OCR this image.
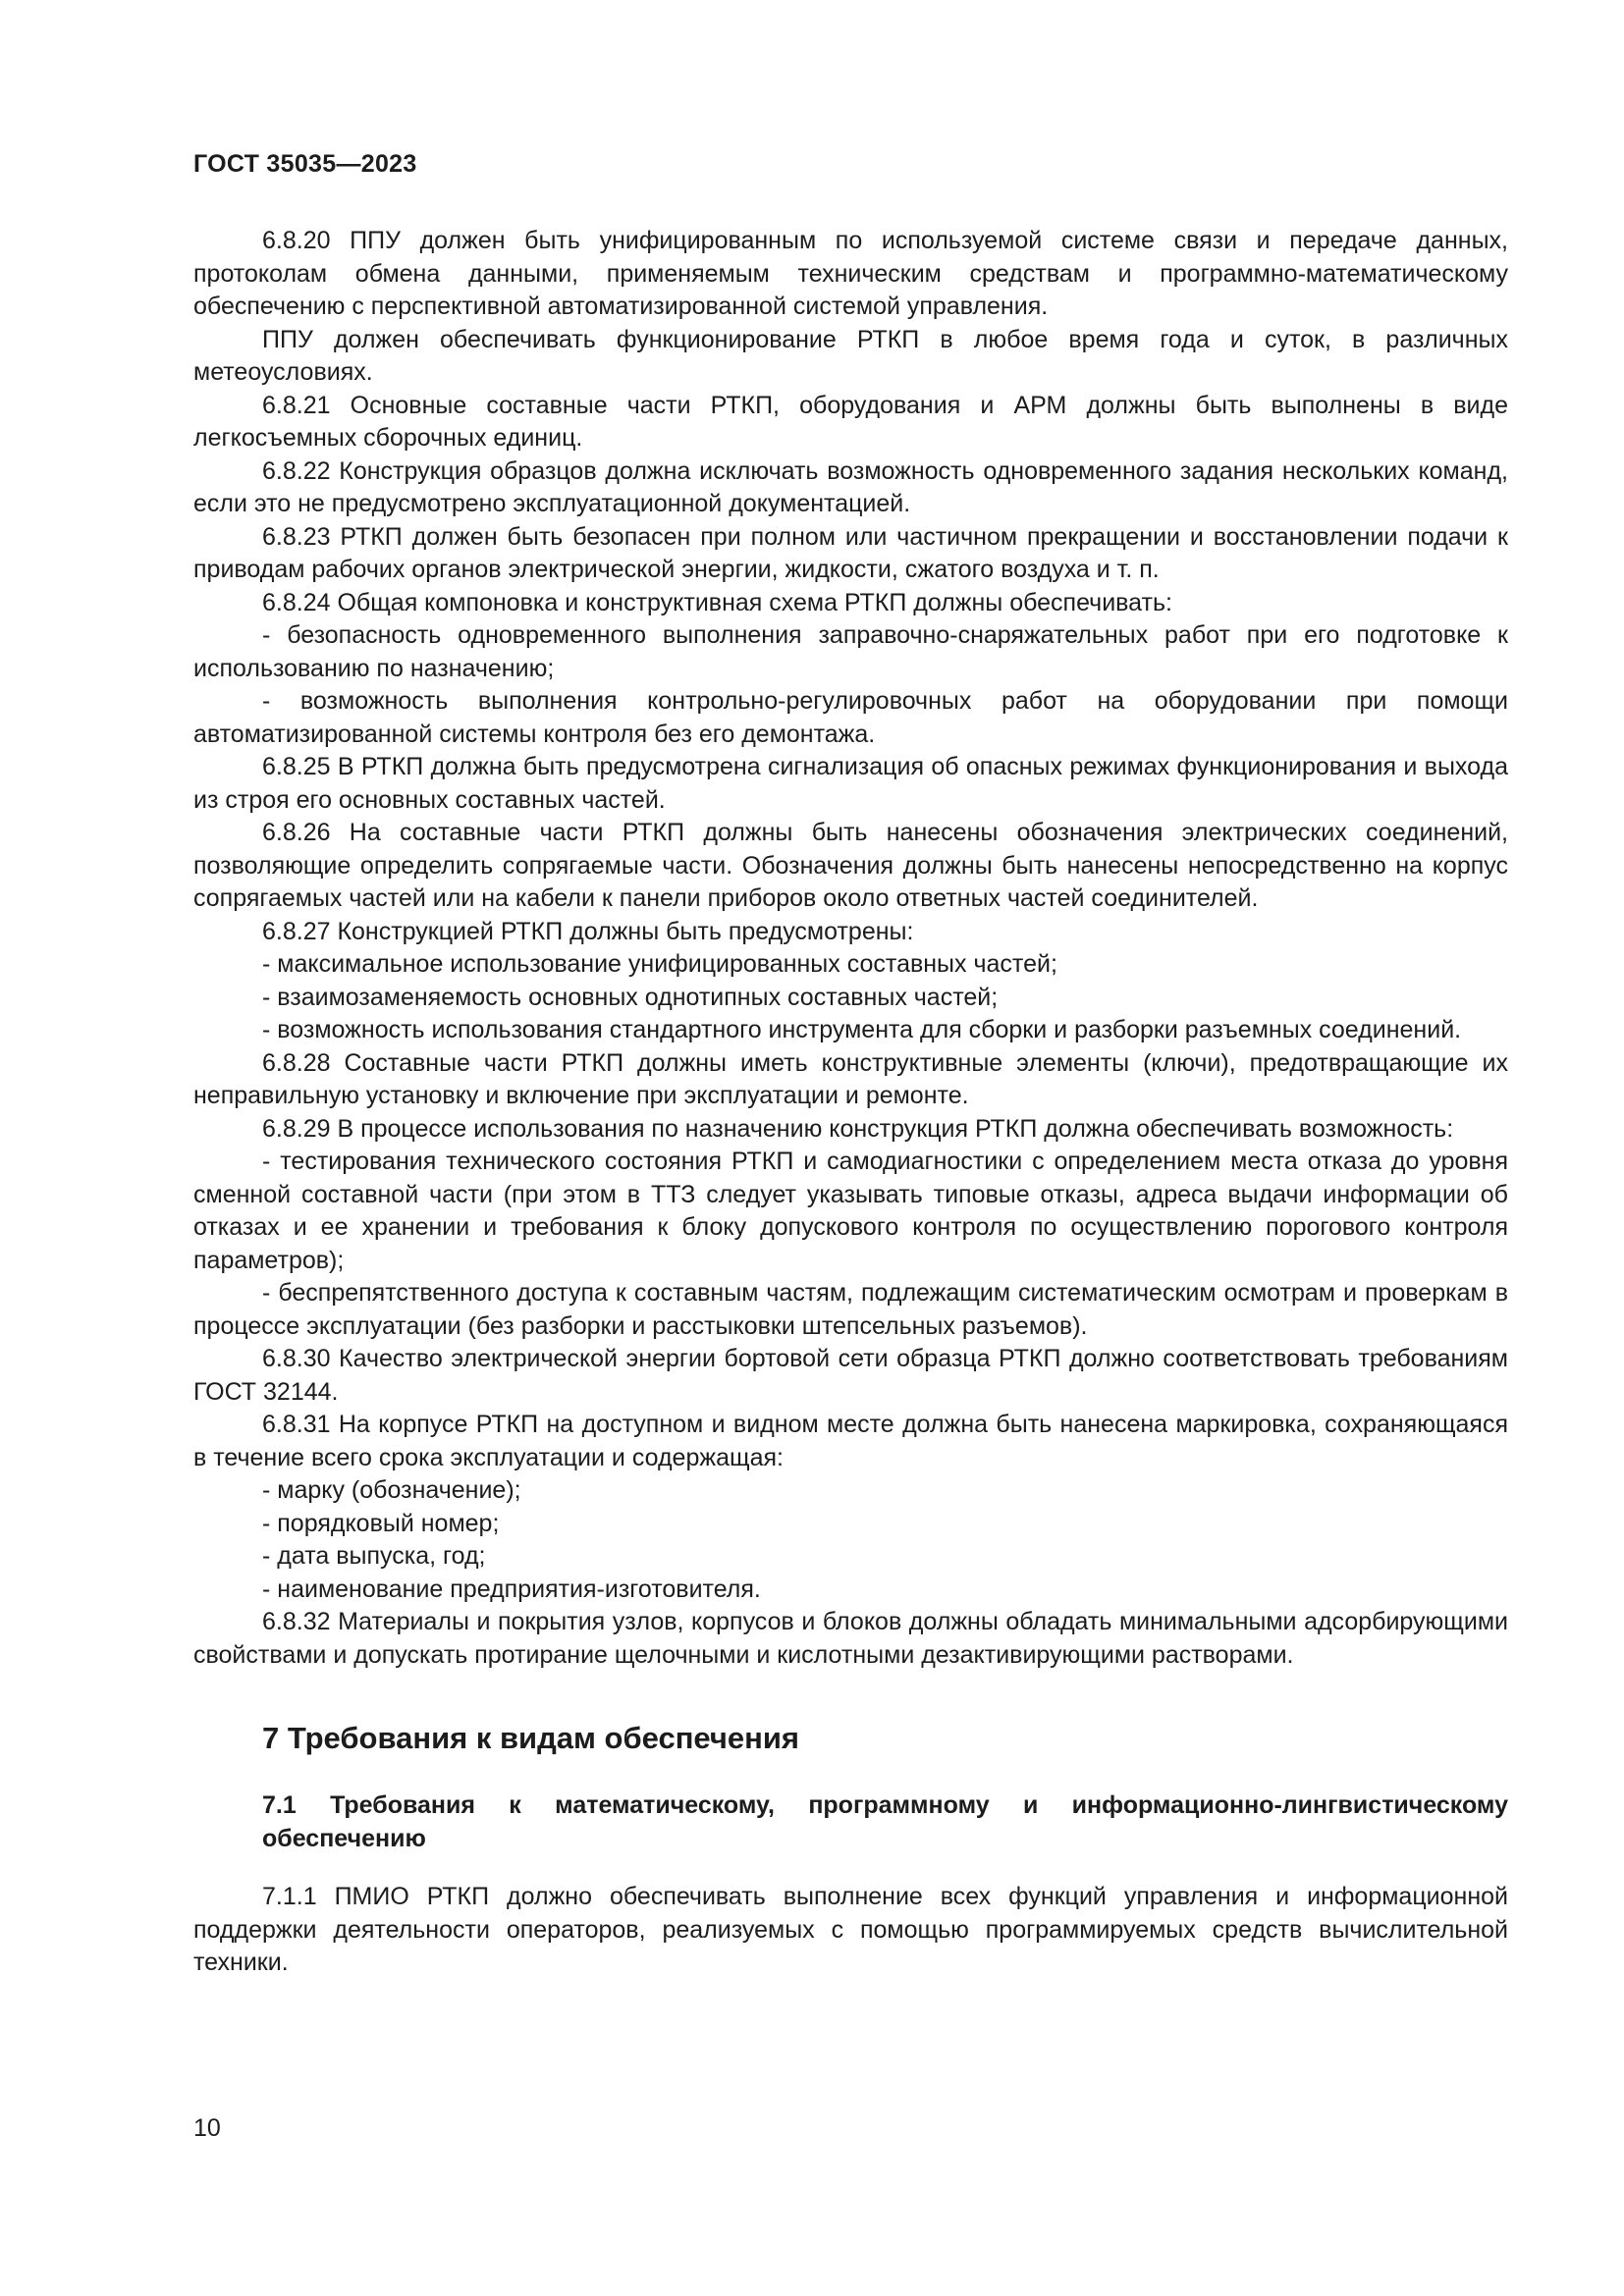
ГОСТ 35035—2023

6.8.20 ППУ должен быть унифицированным по используемой системе связи и передаче данных, протоколам обмена данными, применяемым техническим средствам и программно-математическому обеспечению с перспективной автоматизированной системой управления.

ППУ должен обеспечивать функционирование РТКП в любое время года и суток, в различных метеоусловиях.

6.8.21 Основные составные части РТКП, оборудования и АРМ должны быть выполнены в виде легкосъемных сборочных единиц.

6.8.22 Конструкция образцов должна исключать возможность одновременного задания нескольких команд, если это не предусмотрено эксплуатационной документацией.

6.8.23 РТКП должен быть безопасен при полном или частичном прекращении и восстановлении подачи к приводам рабочих органов электрической энергии, жидкости, сжатого воздуха и т. п.

6.8.24 Общая компоновка и конструктивная схема РТКП должны обеспечивать:

- безопасность одновременного выполнения заправочно-снаряжательных работ при его подготовке к использованию по назначению;

- возможность выполнения контрольно-регулировочных работ на оборудовании при помощи автоматизированной системы контроля без его демонтажа.

6.8.25 В РТКП должна быть предусмотрена сигнализация об опасных режимах функционирования и выхода из строя его основных составных частей.

6.8.26 На составные части РТКП должны быть нанесены обозначения электрических соединений, позволяющие определить сопрягаемые части. Обозначения должны быть нанесены непосредственно на корпус сопрягаемых частей или на кабели к панели приборов около ответных частей соединителей.

6.8.27 Конструкцией РТКП должны быть предусмотрены:

- максимальное использование унифицированных составных частей;

- взаимозаменяемость основных однотипных составных частей;

- возможность использования стандартного инструмента для сборки и разборки разъемных соединений.

6.8.28 Составные части РТКП должны иметь конструктивные элементы (ключи), предотвращающие их неправильную установку и включение при эксплуатации и ремонте.

6.8.29 В процессе использования по назначению конструкция РТКП должна обеспечивать возможность:

- тестирования технического состояния РТКП и самодиагностики с определением места отказа до уровня сменной составной части (при этом в ТТЗ следует указывать типовые отказы, адреса выдачи информации об отказах и ее хранении и требования к блоку допускового контроля по осуществлению порогового контроля параметров);

- беспрепятственного доступа к составным частям, подлежащим систематическим осмотрам и проверкам в процессе эксплуатации (без разборки и расстыковки штепсельных разъемов).

6.8.30 Качество электрической энергии бортовой сети образца РТКП должно соответствовать требованиям ГОСТ 32144.

6.8.31 На корпусе РТКП на доступном и видном месте должна быть нанесена маркировка, сохраняющаяся в течение всего срока эксплуатации и содержащая:

- марку (обозначение);

- порядковый номер;

- дата выпуска, год;

- наименование предприятия-изготовителя.

6.8.32 Материалы и покрытия узлов, корпусов и блоков должны обладать минимальными адсорбирующими свойствами и допускать протирание щелочными и кислотными дезактивирующими растворами.

7 Требования к видам обеспечения
7.1 Требования к математическому, программному и информационно-лингвистическому обеспечению

7.1.1 ПМИО РТКП должно обеспечивать выполнение всех функций управления и информационной поддержки деятельности операторов, реализуемых с помощью программируемых средств вычислительной техники.

10
